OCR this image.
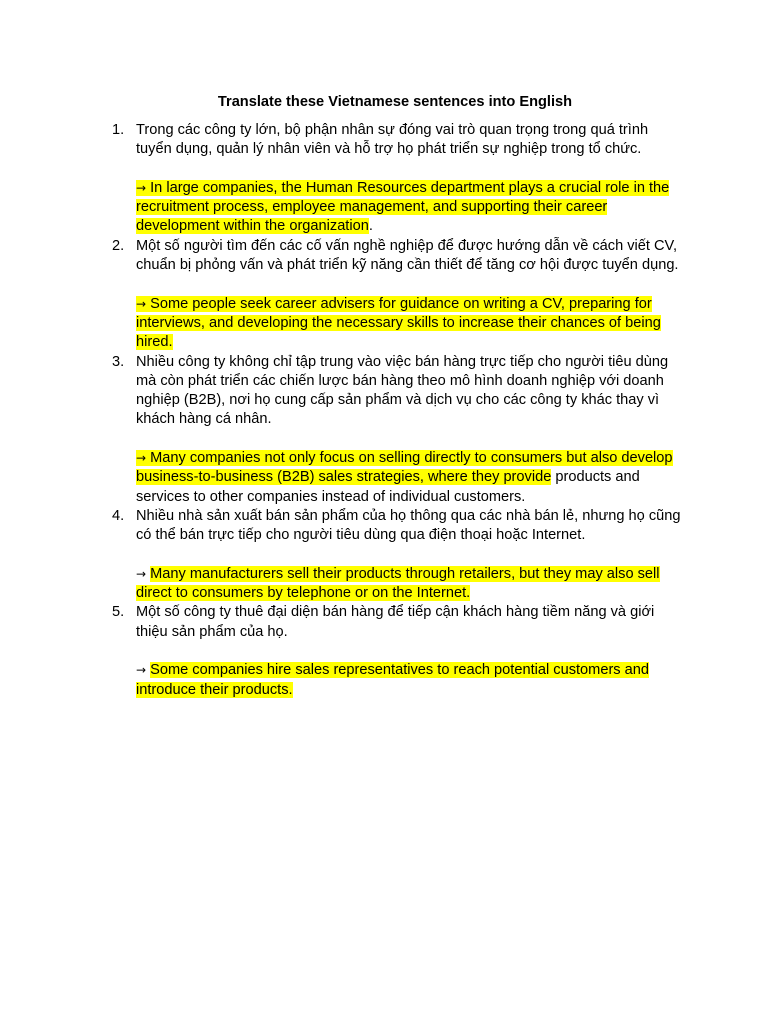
Translate these Vietnamese sentences into English
1. Trong các công ty lớn, bộ phận nhân sự đóng vai trò quan trọng trong quá trình tuyển dụng, quản lý nhân viên và hỗ trợ họ phát triển sự nghiệp trong tổ chức.

→ In large companies, the Human Resources department plays a crucial role in the recruitment process, employee management, and supporting their career development within the organization.

2. Một số người tìm đến các cố vấn nghề nghiệp để được hướng dẫn về cách viết CV, chuẩn bị phỏng vấn và phát triển kỹ năng cần thiết để tăng cơ hội được tuyển dụng.

→ Some people seek career advisers for guidance on writing a CV, preparing for interviews, and developing the necessary skills to increase their chances of being hired.

3. Nhiều công ty không chỉ tập trung vào việc bán hàng trực tiếp cho người tiêu dùng mà còn phát triển các chiến lược bán hàng theo mô hình doanh nghiệp với doanh nghiệp (B2B), nơi họ cung cấp sản phẩm và dịch vụ cho các công ty khác thay vì khách hàng cá nhân.

→ Many companies not only focus on selling directly to consumers but also develop business-to-business (B2B) sales strategies, where they provide products and services to other companies instead of individual customers.

4. Nhiều nhà sản xuất bán sản phẩm của họ thông qua các nhà bán lẻ, nhưng họ cũng có thể bán trực tiếp cho người tiêu dùng qua điện thoại hoặc Internet.

→ Many manufacturers sell their products through retailers, but they may also sell direct to consumers by telephone or on the Internet.

5. Một số công ty thuê đại diện bán hàng để tiếp cận khách hàng tiềm năng và giới thiệu sản phẩm của họ.

→ Some companies hire sales representatives to reach potential customers and introduce their products.
